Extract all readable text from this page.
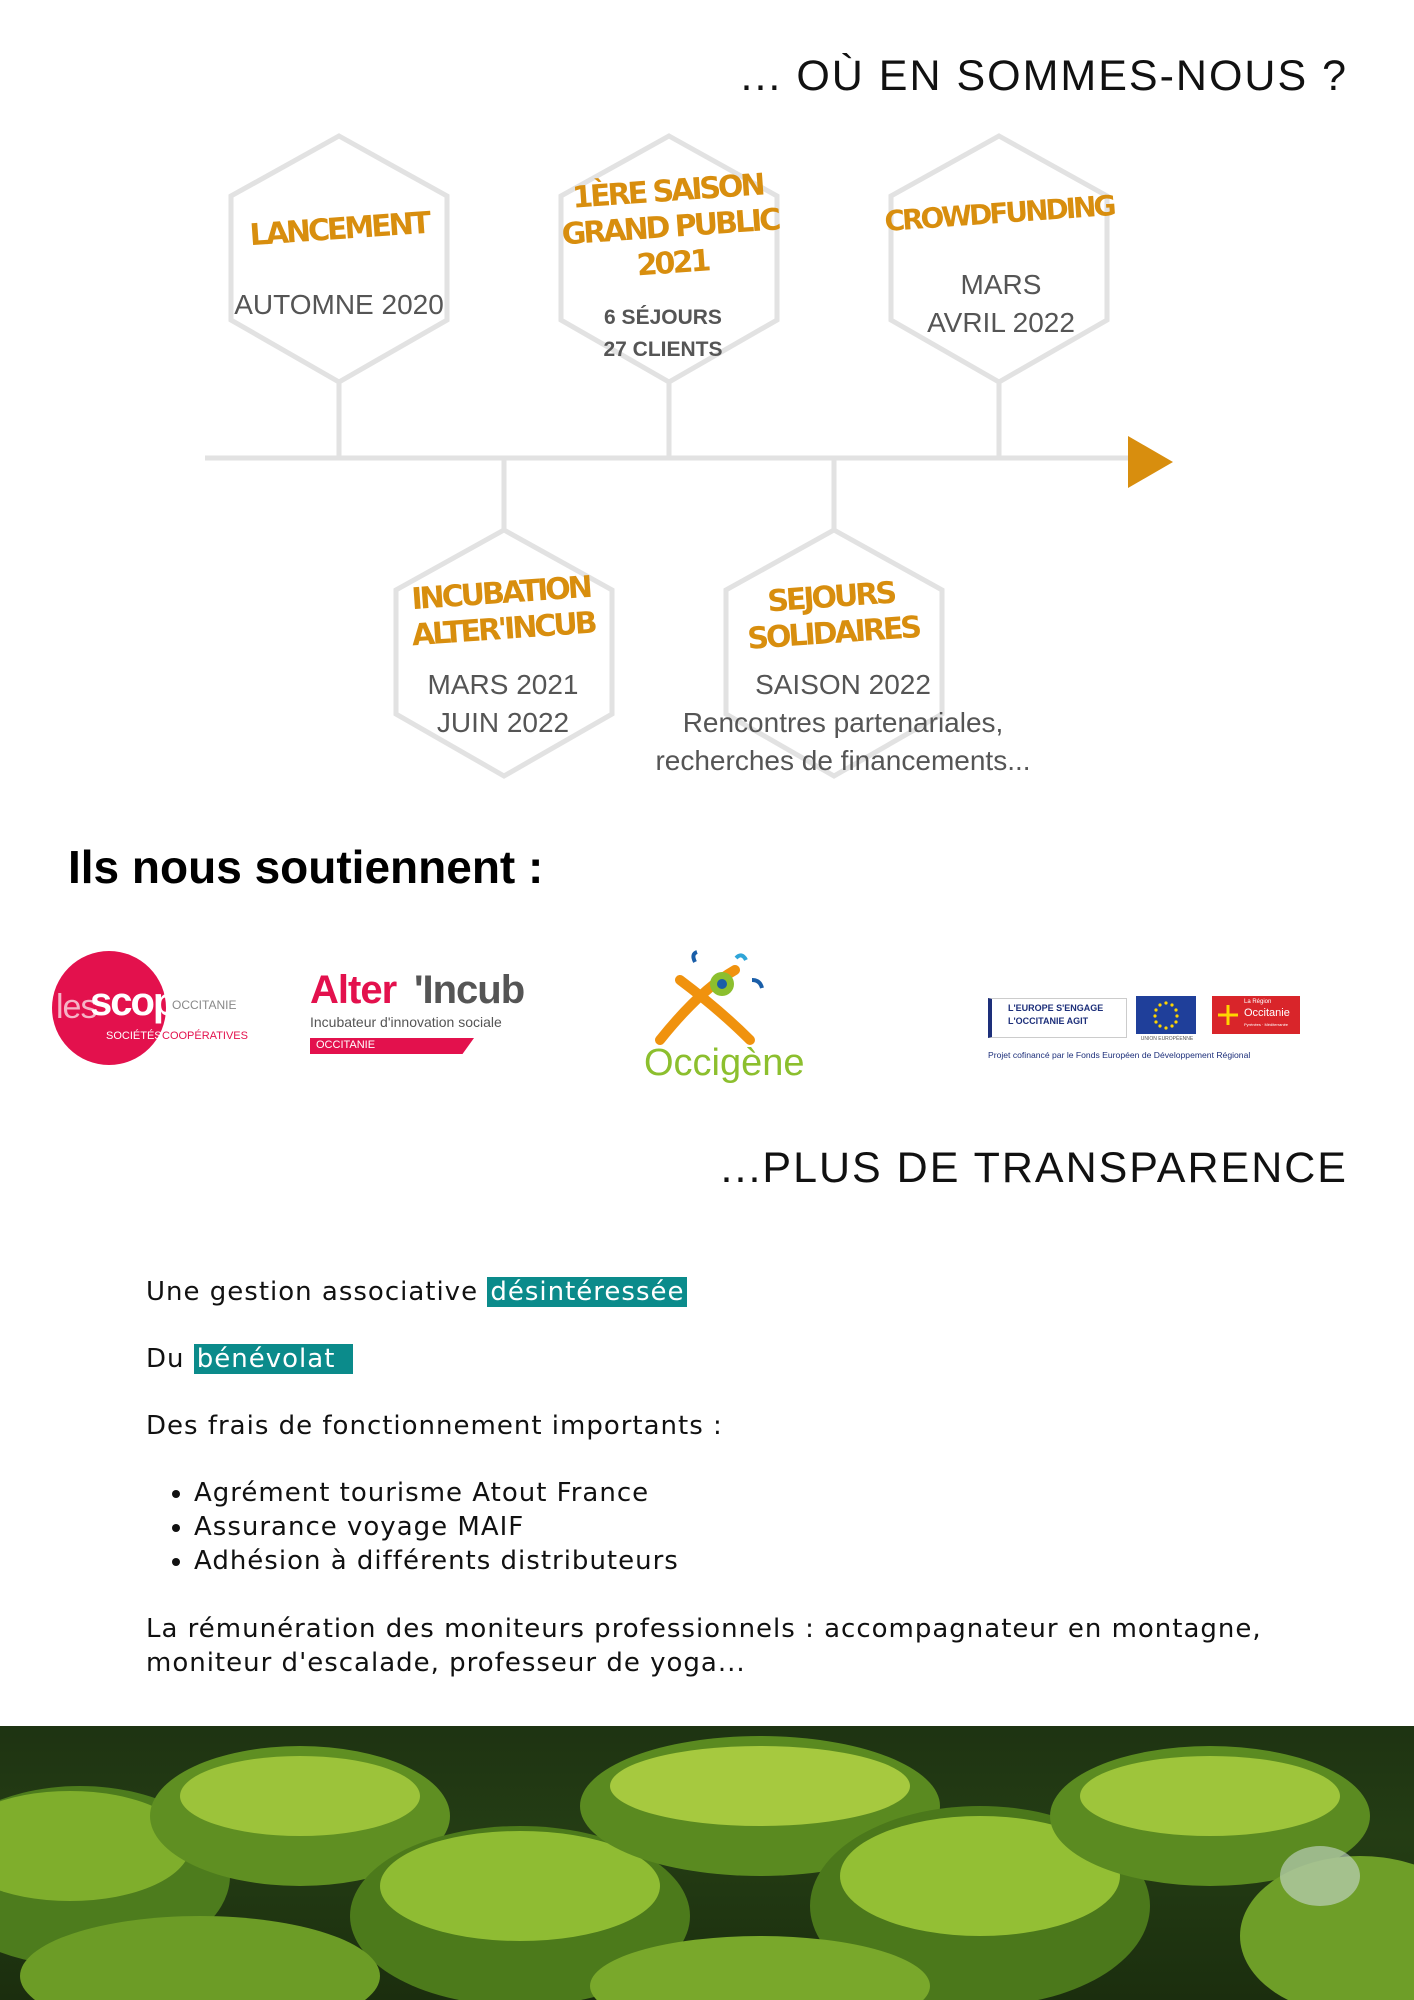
... OÙ EN SOMMES-NOUS ?
LANCEMENT
AUTOMNE 2020
1ÈRE SAISON
GRAND PUBLIC
2021
6 SÉJOURS
27 CLIENTS
CROWDFUNDING
MARS
AVRIL 2022
INCUBATION
ALTER'INCUB
MARS 2021
JUIN 2022
SEJOURS
SOLIDAIRES
SAISON 2022
Rencontres partenariales,
recherches de financements...
Ils nous soutiennent :
les
scop
OCCITANIE
SOCIÉTÉS COOPÉRATIVES
Alter 'Incub
Incubateur d'innovation sociale
OCCITANIE	Occigène
L'EUROPE S'ENGAGE
L'OCCITANIE AGIT
UNION EUROPÉENNE
La Région
Occitanie
Pyrénées · Méditerranée
Projet cofinancé par le Fonds Européen de Développement Régional
...PLUS DE TRANSPARENCE

Une gestion associative désintéressée

Du bénévolat

Des frais de fonctionnement importants :

• Agrément tourisme Atout France
• Assurance voyage MAIF
• Adhésion à différents distributeurs

La rémunération des moniteurs professionnels : accompagnateur en montagne, moniteur d'escalade, professeur de yoga...
